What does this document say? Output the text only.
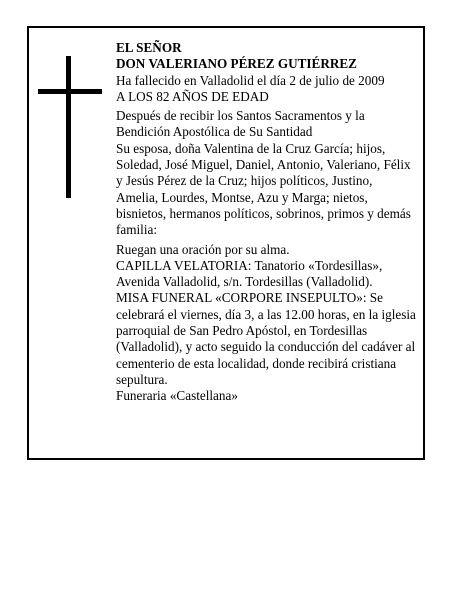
EL SEÑOR

DON VALERIANO PÉREZ GUTIÉRREZ

Ha fallecido en Valladolid el día 2 de julio de 2009

A LOS 82 AÑOS DE EDAD

Después de recibir los Santos Sacramentos y la Bendición Apostólica de Su Santidad

Su esposa, doña Valentina de la Cruz García; hijos, Soledad, José Miguel, Daniel, Antonio, Valeriano, Félix y Jesús Pérez de la Cruz; hijos políticos, Justino, Amelia, Lourdes, Montse, Azu y Marga; nietos, bisnietos, hermanos políticos, sobrinos, primos y demás familia:

Ruegan una oración por su alma.

CAPILLA VELATORIA: Tanatorio «Tordesillas», Avenida Valladolid, s/n. Tordesillas (Valladolid).

MISA FUNERAL «CORPORE INSEPULTO»: Se celebrará el viernes, día 3, a las 12.00 horas, en la iglesia parroquial de San Pedro Apóstol, en Tordesillas (Valladolid), y acto seguido la conducción del cadáver al cementerio de esta localidad, donde recibirá cristiana sepultura.

Funeraria «Castellana»
